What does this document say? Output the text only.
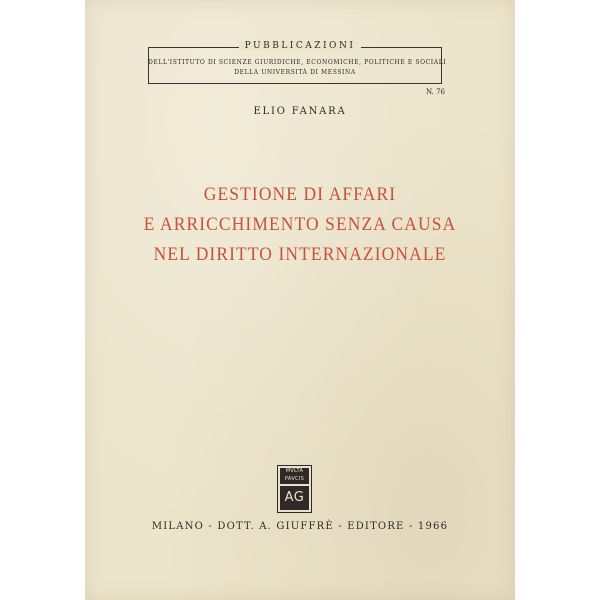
PUBBLICAZIONI
DELL'ISTITUTO DI SCIENZE GIURIDICHE, ECONOMICHE, POLITICHE E SOCIALI
DELLA UNIVERSITÀ DI MESSINA
N. 76
ELIO FANARA
GESTIONE DI AFFARI
E ARRICCHIMENTO SENZA CAUSA
NEL DIRITTO INTERNAZIONALE
MVLTA
PAVCIS
AG
MILANO - DOTT. A. GIUFFRÈ - EDITORE - 1966
